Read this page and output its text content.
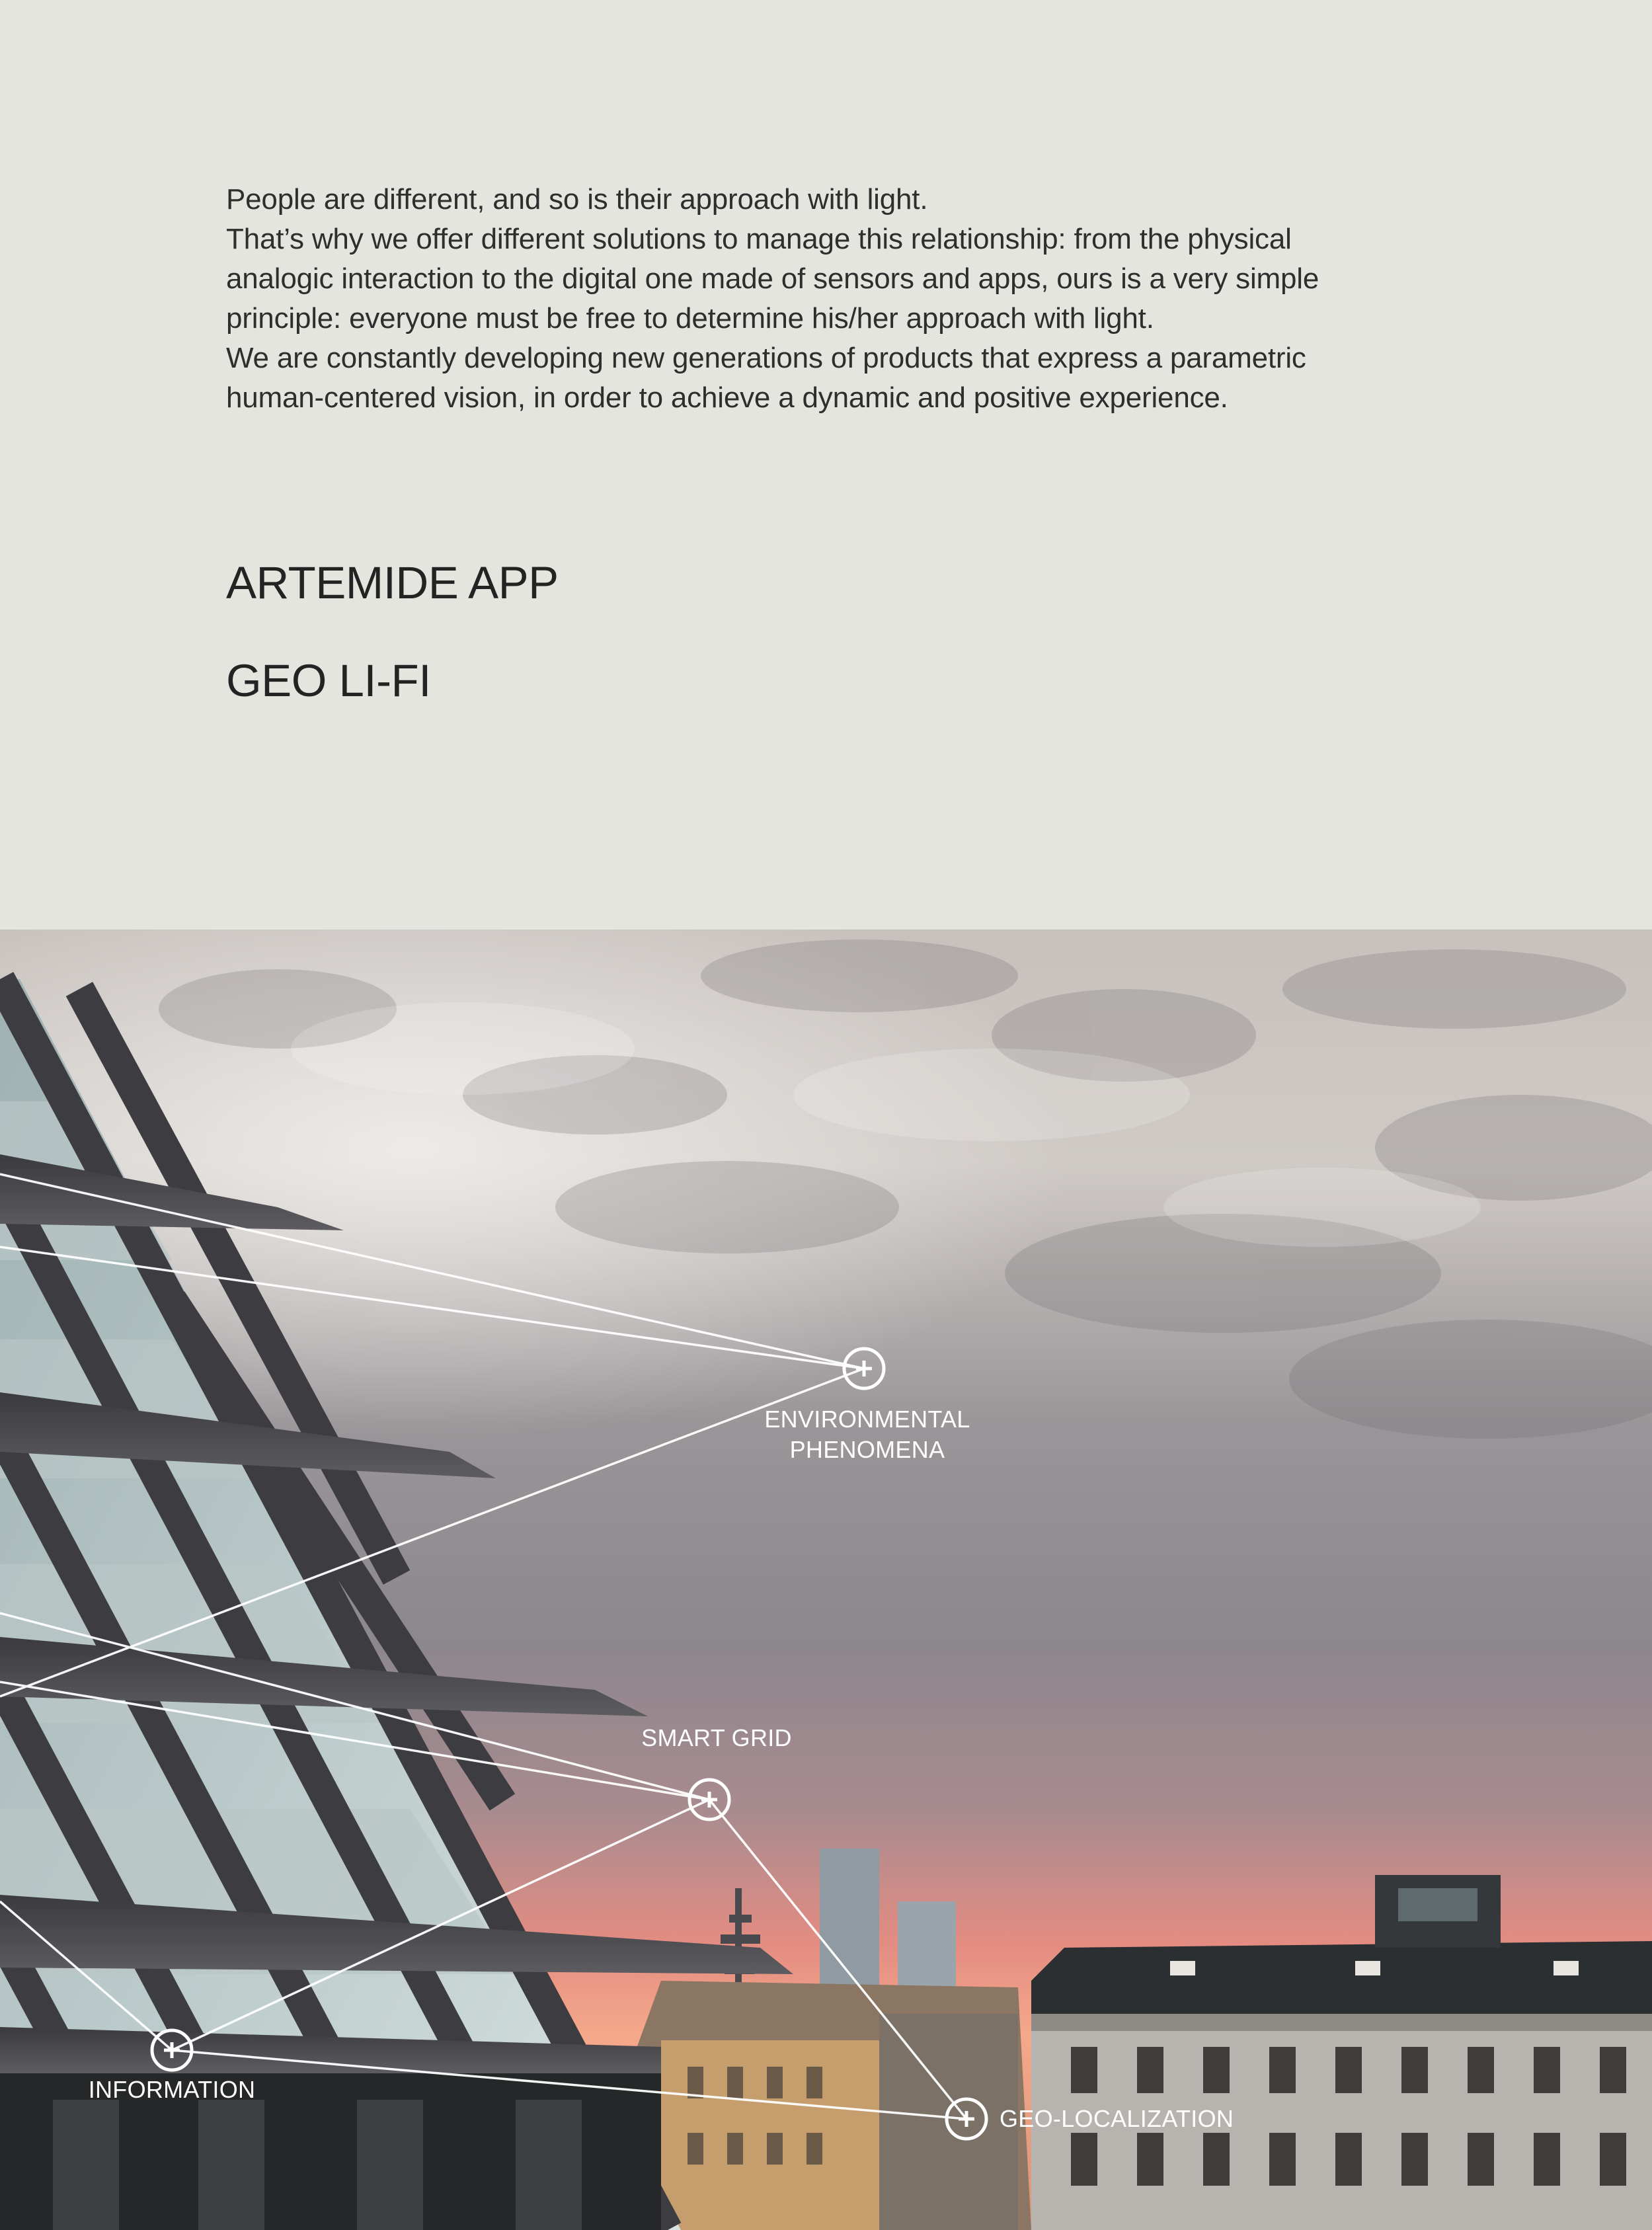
People are different, and so is their approach with light.

That’s why we offer different solutions to manage this relationship: from the physical analogic interaction to the digital one made of sensors and apps, ours is a very simple principle: everyone must be free to determine his/her approach with light.

We are constantly developing new generations of products that express a parametric human-centered vision, in order to achieve a dynamic and positive experience.

ARTEMIDE APP
GEO LI-FI
ENVIRONMENTAL
PHENOMENA
SMART GRID
INFORMATION
GEO-LOCALIZATION
